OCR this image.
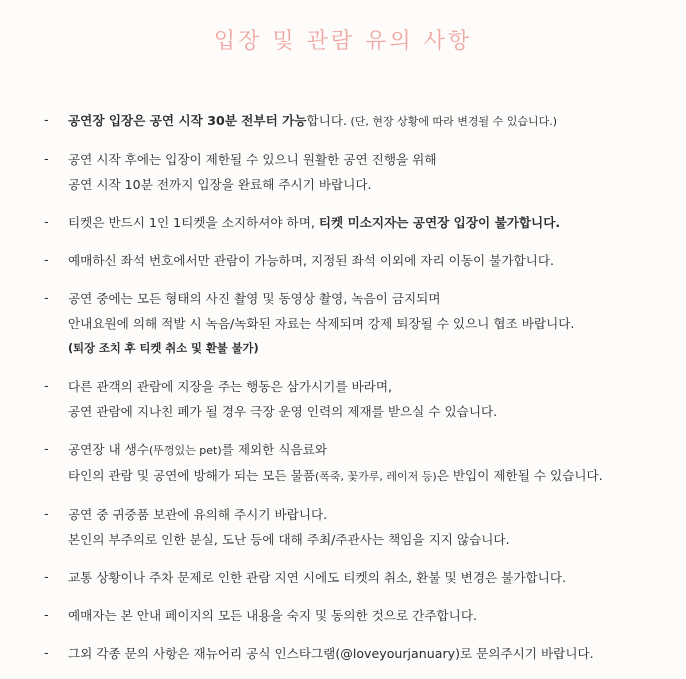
입장 및 관람 유의 사항
- 공연장 입장은 공연 시작 30분 전부터 가능합니다. (단, 현장 상황에 따라 변경될 수 있습니다.)
- 공연 시작 후에는 입장이 제한될 수 있으니 원활한 공연 진행을 위해
공연 시작 10분 전까지 입장을 완료해 주시기 바랍니다.
- 티켓은 반드시 1인 1티켓을 소지하셔야 하며, 티켓 미소지자는 공연장 입장이 불가합니다.
- 예매하신 좌석 번호에서만 관람이 가능하며, 지정된 좌석 이외에 자리 이동이 불가합니다.
- 공연 중에는 모든 형태의 사진 촬영 및 동영상 촬영, 녹음이 금지되며
안내요원에 의해 적발 시 녹음/녹화된 자료는 삭제되며 강제 퇴장될 수 있으니 협조 바랍니다.
(퇴장 조치 후 티켓 취소 및 환불 불가)
- 다른 관객의 관람에 지장을 주는 행동은 삼가시기를 바라며,
공연 관람에 지나친 폐가 될 경우 극장 운영 인력의 제재를 받으실 수 있습니다.
- 공연장 내 생수(뚜껑있는 pet)를 제외한 식음료와
타인의 관람 및 공연에 방해가 되는 모든 물품(폭죽, 꽃가루, 레이저 등)은 반입이 제한될 수 있습니다.
- 공연 중 귀중품 보관에 유의해 주시기 바랍니다.
본인의 부주의로 인한 분실, 도난 등에 대해 주최/주관사는 책임을 지지 않습니다.
- 교통 상황이나 주차 문제로 인한 관람 지연 시에도 티켓의 취소, 환불 및 변경은 불가합니다.
- 예매자는 본 안내 페이지의 모든 내용을 숙지 및 동의한 것으로 간주합니다.
- 그외 각종 문의 사항은 재뉴어리 공식 인스타그램(@loveyourjanuary)로 문의주시기 바랍니다.
